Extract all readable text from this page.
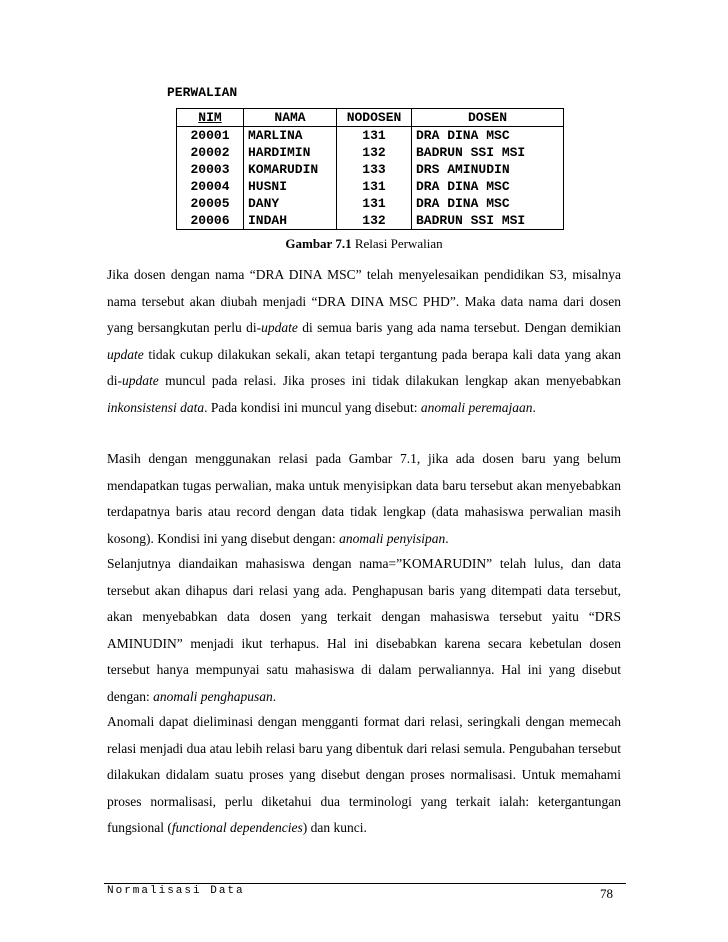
PERWALIAN
NIM	NAMA	NODOSEN	DOSEN
20001	MARLINA	131	DRA DINA MSC
20002	HARDIMIN	132	BADRUN SSI MSI
20003	KOMARUDIN	133	DRS AMINUDIN
20004	HUSNI	131	DRA DINA MSC
20005	DANY	131	DRA DINA MSC
20006	INDAH	132	BADRUN SSI MSI
Gambar 7.1 Relasi Perwalian

Jika dosen dengan nama “DRA DINA MSC” telah menyelesaikan pendidikan S3, misalnya nama tersebut akan diubah menjadi “DRA DINA MSC PHD”. Maka data nama dari dosen yang bersangkutan perlu di-update di semua baris yang ada nama tersebut. Dengan demikian update tidak cukup dilakukan sekali, akan tetapi tergantung pada berapa kali data yang akan di-update muncul pada relasi. Jika proses ini tidak dilakukan lengkap akan menyebabkan inkonsistensi data. Pada kondisi ini muncul yang disebut: anomali peremajaan.

Masih dengan menggunakan relasi pada Gambar 7.1, jika ada dosen baru yang belum mendapatkan tugas perwalian, maka untuk menyisipkan data baru tersebut akan menyebabkan terdapatnya baris atau record dengan data tidak lengkap (data mahasiswa perwalian masih kosong). Kondisi ini yang disebut dengan: anomali penyisipan.

Selanjutnya diandaikan mahasiswa dengan nama=”KOMARUDIN” telah lulus, dan data tersebut akan dihapus dari relasi yang ada. Penghapusan baris yang ditempati data tersebut, akan menyebabkan data dosen yang terkait dengan mahasiswa tersebut yaitu “DRS AMINUDIN” menjadi ikut terhapus. Hal ini disebabkan karena secara kebetulan dosen tersebut hanya mempunyai satu mahasiswa di dalam perwaliannya. Hal ini yang disebut dengan: anomali penghapusan.

Anomali dapat dieliminasi dengan mengganti format dari relasi, seringkali dengan memecah relasi menjadi dua atau lebih relasi baru yang dibentuk dari relasi semula. Pengubahan tersebut dilakukan didalam suatu proses yang disebut dengan proses normalisasi. Untuk memahami proses normalisasi, perlu diketahui dua terminologi yang terkait ialah: ketergantungan fungsional (functional dependencies) dan kunci.

Normalisasi Data	78
